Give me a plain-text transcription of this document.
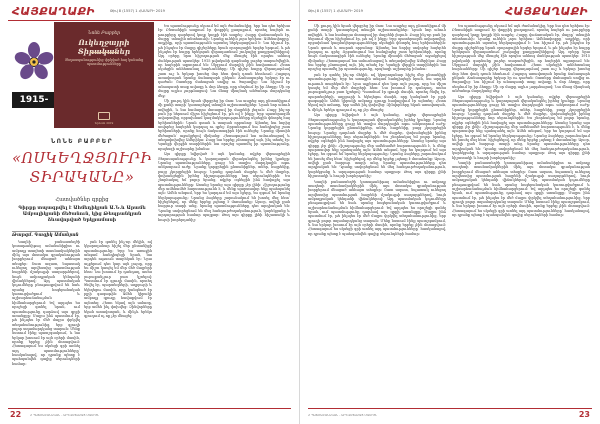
ՀԱՅՔԱՂԱՔԻ	Թիվ 8 (1557) 1 ՀԱՄԱՐԻ 2019
1915-2019
Նոնե Բաբբեր
Ուկեղջայրի Տիրականեր
Ցեղասպանությունից փրկված հայ կանանց պատմությունները
Երևան 2019
ՆՈՆԵ ԲԱԲԲԵՐ
«ՈՍԿԵՂՋՅՈՒՐԻ ՏԻՐԱԿԱՆԸ»
Հատվածներ գրքից
Գիրքը տպագրվել է Ահմեդիկյան Ա.Ն.և Արամե Ամբալիկյանի մեծանուն, կից Թեպրանկյան ձևավորված Երկրամասի
Թարգմ. Գագիկ Ամանյան

Կաղնի բանաստեղծի կոտաթանիթայ ամանանիքիտ ու ամբողջ տաղետի տասնամյակներին մինչ այս մոտակա գրականության խորքերում մնացած անհայտ տեսքեր։ Շատ ազատ, նպատակ ունեցող արվեստից պատմության հայրենի մշակույթի սաղարթներով, նույն ամբողջական կենդանի վիճակներով։ Այդ պատմական կոչումները բնութագրվում են նաև սրանց հոգեբանական կառուցվածքում և աշխարհաճանաչման հիմնահարցերում։ Եվ այդպես ես որոշեցի գտնել նրան, ում պատմությունը դարձավ այս գրքի առանցքը։ Մայրս ինձ պատմում էր, թե ինչպես էր մեծ մայրս փրկվել տեղահանությունից, երբ գյուղի բոլոր տղամարդկանց տարան։ Մենք նստում էինք պատշգամբում, և նա երկար խոսում էր այն օրերի մասին, որոնք երբեք չէին մոռացվում։ Հետագայում ես սկսեցի գրի առնել այդ պատմությունները՝ հասկանալով, որ դրանք պետք է պահպանվեն գալիք սերունդների համար։

յան էր գտնել ինչ-որ մեկին, ով կկարողանար հիշել մեր ընտանիքի պատմությունը։ Երբ ես առաջին անգամ հանդիպեցի նրան, նա արդեն ութսուն տարեկան էր։ Նրա աչքերում դեռ կար այն լույսը, որը ես միշտ կապել եմ մեր մեծ մայրերի հետ։ Նա խոսում էր դանդաղ, ասես յուրաքանչյուր բառ կշռելով։ Պատմում էր գյուղի մասին, որտեղ ծնվել էր, պարտեզների, աղբյուրի և եկեղեցու մասին, որը կանգնած էր բլրի գագաթին։ Ամեն կիրակի ամբողջ գյուղը հավաքվում էր այնտեղ։ Հետո եկավ այն ամառը, երբ ամեն ինչ փոխվեց։ Զինվորները եկան առավոտյան, և մինչև երեկո գյուղում ոչ ոք չէր մնացել։

Ես պատմությունը սկսում եմ այն ժամանակից, երբ նա դեռ երեխա էր։ Ընտանիքն ապրում էր փոքրիկ քաղաքում, որտեղ հայերն ու թուրքերը դարերով կողք կողքի էին ապրել։ Հայրը վաճառական էր, մայրը՝ տնային տնտեսուհի։ Նրանք ունեին չորս երեխա։ Ամենափոքրը՝ աղջիկը, որի պատմությունն այստեղ ներկայացվում է։ Նա հիշում էր, թե ինչպես էր մայրը գիշերները նրան օրորոցային երգեր երգում, և թե ինչպես էր հայրը երեկոյան վերադառնում շուկայից քաղցրավենիքով։ Այդ օրերը նրա հիշողության մեջ մնացել էին որպես անհոգ մանկության պատկեր։ 1915 թվականի գարնանը լուրեր տարածվեցին, որ հայերին աքսորում են։ Սկզբում մարդիկ չէին հավատում։ Հետո սկսեցին անհետանալ հարևանները։ Մի գիշեր հայրը վերադարձավ շատ ուշ և երկար խոսեց մոր հետ փակ դռան հետևում։ Հաջորդ առավոտյան նրանք ճանապարհ ընկան։ Ճանապարհը երկար էր ու դաժան։ Շատերը մահացան սովից ու ծարավից։ Նա հիշում էր անապատի տաք ավազը և մոր ձեռքը, որը սեղմում էր իր ձեռքը։ Մի օր մայրը այլևս չարթնացավ։ Նա մնաց միայնակ անծանոթ մարդկանց մեջ։

Մի քուրդ կին նրան վերցրեց իր մոտ։ Նա ապրեց այդ ընտանիքում մի քանի տարի՝ կատարելով տնային աշխատանքներ։ Նրան նոր անուն տվեցին, և նա համարյա մոռացավ իր մայրենի լեզուն։ Բայց ինչ-որ բան իր ներսում միշտ հիշեցնում էր, թե ով է ինքը։ Երբ պատերազմն ավարտվեց, որբախնամ կազմակերպությունները սկսեցին փնտրել հայ երեխաներին։ Նրան գտան և տարան որբանոց։ Այնտեղ նա նորից սովորեց հայերեն կարդալ ու գրել։ Որբանոցում նա հանդիպեց շատ երեխաների, որոնք նույն ճակատագիրն էին ունեցել։ Նրանք միասին մեծացան՝ աջակցելով միմյանց։ Հետագայում նա ամուսնացավ և տեղափոխվեց Ամերիկա։ Բայց նա երբեք չմոռացավ այն, ինչ տեսել էր։ Կյանքի վերջին տարիներին նա որոշեց պատմել իր պատմությունը, որպեսզի աշխարհը իմանա։

Այս գիրքը նվիրված է այն կանանց, ովքեր վերապրեցին Ցեղասպանությունը և կարողացան վերականգնել իրենց կյանքը։ Նրանց պատմությունները ցույց են տալիս մարդկային ոգու անկոտրում ուժը։ Նրանք կորցրեցին ընտանիքներ, տներ, հայրենիք, բայց չկորցրեցին հույսը։ Նրանք դարձան մայրեր և մեծ մայրեր, փոխանցեցին իրենց հիշողությունները նոր սերունդներին։ Ես շնորհակալ եմ բոլոր նրանց, ովքեր օգնեցին ինձ հավաքել այս պատմությունները։ Առանց նրանց այս գիրքը չէր լինի։ Հիշողությունը մեր ամենամեծ հարստությունն է, և մենք պարտավոր ենք պահպանել այն։ Ամեն անգամ, երբ ես կարդում եմ այս էջերը, ես զգում եմ նրանց ներկայությունը։ Նրանց ձայները շարունակում են խոսել մեզ հետ՝ հիշեցնելով, որ մենք երբեք չպետք է մոռանանք։ Այսօր, ավելի քան հարյուր տարի անց, նրանց պատմությունները դեռ արդիական են։ Դրանք սովորեցնում են մեզ հանդուրժողականություն, կարեկցանք և արդարության համար պայքար։ Թող այս գիրքը լինի հիշատակի և հույսի խորհրդանիշ։

22	Հ ՊԱՏՄԱԲԱՆԱԿԱՆ - ԱՐԵՎՄՏԱՀԱՅ ՄԱՄՈՒԼ
Թիվ 8 (1557) 1 ՀԱՄԱՐԻ 2019	ՀԱՅՔԱՂԱՔԻ

Մի քուրդ կին նրան վերցրեց իր մոտ։ Նա ապրեց այդ ընտանիքում մի քանի տարի՝ կատարելով տնային աշխատանքներ։ Նրան նոր անուն տվեցին, և նա համարյա մոռացավ իր մայրենի լեզուն։ Բայց ինչ-որ բան իր ներսում միշտ հիշեցնում էր, թե ով է ինքը։ Երբ պատերազմն ավարտվեց, որբախնամ կազմակերպությունները սկսեցին փնտրել հայ երեխաներին։ Նրան գտան և տարան որբանոց։ Այնտեղ նա նորից սովորեց հայերեն կարդալ ու գրել։ Որբանոցում նա հանդիպեց շատ երեխաների, որոնք նույն ճակատագիրն էին ունեցել։ Նրանք միասին մեծացան՝ աջակցելով միմյանց։ Հետագայում նա ամուսնացավ և տեղափոխվեց Ամերիկա։ Բայց նա երբեք չմոռացավ այն, ինչ տեսել էր։ Կյանքի վերջին տարիներին նա որոշեց պատմել իր պատմությունը, որպեսզի աշխարհը իմանա։

յան էր գտնել ինչ-որ մեկին, ով կկարողանար հիշել մեր ընտանիքի պատմությունը։ Երբ ես առաջին անգամ հանդիպեցի նրան, նա արդեն ութսուն տարեկան էր։ Նրա աչքերում դեռ կար այն լույսը, որը ես միշտ կապել եմ մեր մեծ մայրերի հետ։ Նա խոսում էր դանդաղ, ասես յուրաքանչյուր բառ կշռելով։ Պատմում էր գյուղի մասին, որտեղ ծնվել էր, պարտեզների, աղբյուրի և եկեղեցու մասին, որը կանգնած էր բլրի գագաթին։ Ամեն կիրակի ամբողջ գյուղը հավաքվում էր այնտեղ։ Հետո եկավ այն ամառը, երբ ամեն ինչ փոխվեց։ Զինվորները եկան առավոտյան, և մինչև երեկո գյուղում ոչ ոք չէր մնացել։

Այս գիրքը նվիրված է այն կանանց, ովքեր վերապրեցին Ցեղասպանությունը և կարողացան վերականգնել իրենց կյանքը։ Նրանց պատմությունները ցույց են տալիս մարդկային ոգու անկոտրում ուժը։ Նրանք կորցրեցին ընտանիքներ, տներ, հայրենիք, բայց չկորցրեցին հույսը։ Նրանք դարձան մայրեր և մեծ մայրեր, փոխանցեցին իրենց հիշողությունները նոր սերունդներին։ Ես շնորհակալ եմ բոլոր նրանց, ովքեր օգնեցին ինձ հավաքել այս պատմությունները։ Առանց նրանց այս գիրքը չէր լինի։ Հիշողությունը մեր ամենամեծ հարստությունն է, և մենք պարտավոր ենք պահպանել այն։ Ամեն անգամ, երբ ես կարդում եմ այս էջերը, ես զգում եմ նրանց ներկայությունը։ Նրանց ձայները շարունակում են խոսել մեզ հետ՝ հիշեցնելով, որ մենք երբեք չպետք է մոռանանք։ Այսօր, ավելի քան հարյուր տարի անց, նրանց պատմությունները դեռ արդիական են։ Դրանք սովորեցնում են մեզ հանդուրժողականություն, կարեկցանք և արդարության համար պայքար։ Թող այս գիրքը լինի հիշատակի և հույսի խորհրդանիշ։

Կաղնի բանաստեղծի կոտաթանիթայ ամանանիքիտ ու ամբողջ տաղետի տասնամյակներին մինչ այս մոտակա գրականության խորքերում մնացած անհայտ տեսքեր։ Շատ ազատ, նպատակ ունեցող արվեստից պատմության հայրենի մշակույթի սաղարթներով, նույն ամբողջական կենդանի վիճակներով։ Այդ պատմական կոչումները բնութագրվում են նաև սրանց հոգեբանական կառուցվածքում և աշխարհաճանաչման հիմնահարցերում։ Եվ այդպես ես որոշեցի գտնել նրան, ում պատմությունը դարձավ այս գրքի առանցքը։ Մայրս ինձ պատմում էր, թե ինչպես էր մեծ մայրս փրկվել տեղահանությունից, երբ գյուղի բոլոր տղամարդկանց տարան։ Մենք նստում էինք պատշգամբում, և նա երկար խոսում էր այն օրերի մասին, որոնք երբեք չէին մոռացվում։ Հետագայում ես սկսեցի գրի առնել այդ պատմությունները՝ հասկանալով, որ դրանք պետք է պահպանվեն գալիք սերունդների համար։

Ես պատմությունը սկսում եմ այն ժամանակից, երբ նա դեռ երեխա էր։ Ընտանիքն ապրում էր փոքրիկ քաղաքում, որտեղ հայերն ու թուրքերը դարերով կողք կողքի էին ապրել։ Հայրը վաճառական էր, մայրը՝ տնային տնտեսուհի։ Նրանք ունեին չորս երեխա։ Ամենափոքրը՝ աղջիկը, որի պատմությունն այստեղ ներկայացվում է։ Նա հիշում էր, թե ինչպես էր մայրը գիշերները նրան օրորոցային երգեր երգում, և թե ինչպես էր հայրը երեկոյան վերադառնում շուկայից քաղցրավենիքով։ Այդ օրերը նրա հիշողության մեջ մնացել էին որպես անհոգ մանկության պատկեր։ 1915 թվականի գարնանը լուրեր տարածվեցին, որ հայերին աքսորում են։ Սկզբում մարդիկ չէին հավատում։ Հետո սկսեցին անհետանալ հարևանները։ Մի գիշեր հայրը վերադարձավ շատ ուշ և երկար խոսեց մոր հետ փակ դռան հետևում։ Հաջորդ առավոտյան նրանք ճանապարհ ընկան։ Ճանապարհը երկար էր ու դաժան։ Շատերը մահացան սովից ու ծարավից։ Նա հիշում էր անապատի տաք ավազը և մոր ձեռքը, որը սեղմում էր իր ձեռքը։ Մի օր մայրը այլևս չարթնացավ։ Նա մնաց միայնակ անծանոթ մարդկանց մեջ։

Այս գիրքը նվիրված է այն կանանց, ովքեր վերապրեցին Ցեղասպանությունը և կարողացան վերականգնել իրենց կյանքը։ Նրանց պատմությունները ցույց են տալիս մարդկային ոգու անկոտրում ուժը։ Նրանք կորցրեցին ընտանիքներ, տներ, հայրենիք, բայց չկորցրեցին հույսը։ Նրանք դարձան մայրեր և մեծ մայրեր, փոխանցեցին իրենց հիշողությունները նոր սերունդներին։ Ես շնորհակալ եմ բոլոր նրանց, ովքեր օգնեցին ինձ հավաքել այս պատմությունները։ Առանց նրանց այս գիրքը չէր լինի։ Հիշողությունը մեր ամենամեծ հարստությունն է, և մենք պարտավոր ենք պահպանել այն։ Ամեն անգամ, երբ ես կարդում եմ այս էջերը, ես զգում եմ նրանց ներկայությունը։ Նրանց ձայները շարունակում են խոսել մեզ հետ՝ հիշեցնելով, որ մենք երբեք չպետք է մոռանանք։ Այսօր, ավելի քան հարյուր տարի անց, նրանց պատմությունները դեռ արդիական են։ Դրանք սովորեցնում են մեզ հանդուրժողականություն, կարեկցանք և արդարության համար պայքար։ Թող այս գիրքը լինի հիշատակի և հույսի խորհրդանիշ։

Կաղնի բանաստեղծի կոտաթանիթայ ամանանիքիտ ու ամբողջ տաղետի տասնամյակներին մինչ այս մոտակա գրականության խորքերում մնացած անհայտ տեսքեր։ Շատ ազատ, նպատակ ունեցող արվեստից պատմության հայրենի մշակույթի սաղարթներով, նույն ամբողջական կենդանի վիճակներով։ Այդ պատմական կոչումները բնութագրվում են նաև սրանց հոգեբանական կառուցվածքում և աշխարհաճանաչման հիմնահարցերում։ Եվ այդպես ես որոշեցի գտնել նրան, ում պատմությունը դարձավ այս գրքի առանցքը։ Մայրս ինձ պատմում էր, թե ինչպես էր մեծ մայրս փրկվել տեղահանությունից, երբ գյուղի բոլոր տղամարդկանց տարան։ Մենք նստում էինք պատշգամբում, և նա երկար խոսում էր այն օրերի մասին, որոնք երբեք չէին մոռացվում։ Հետագայում ես սկսեցի գրի առնել այդ պատմությունները՝ հասկանալով, որ դրանք պետք է պահպանվեն գալիք սերունդների համար։

Հ ՊԱՏՄԱԲԱՆԱԿԱՆ - ԱՐԵՎՄՏԱՀԱՅ ՄԱՄՈՒԼ	23
